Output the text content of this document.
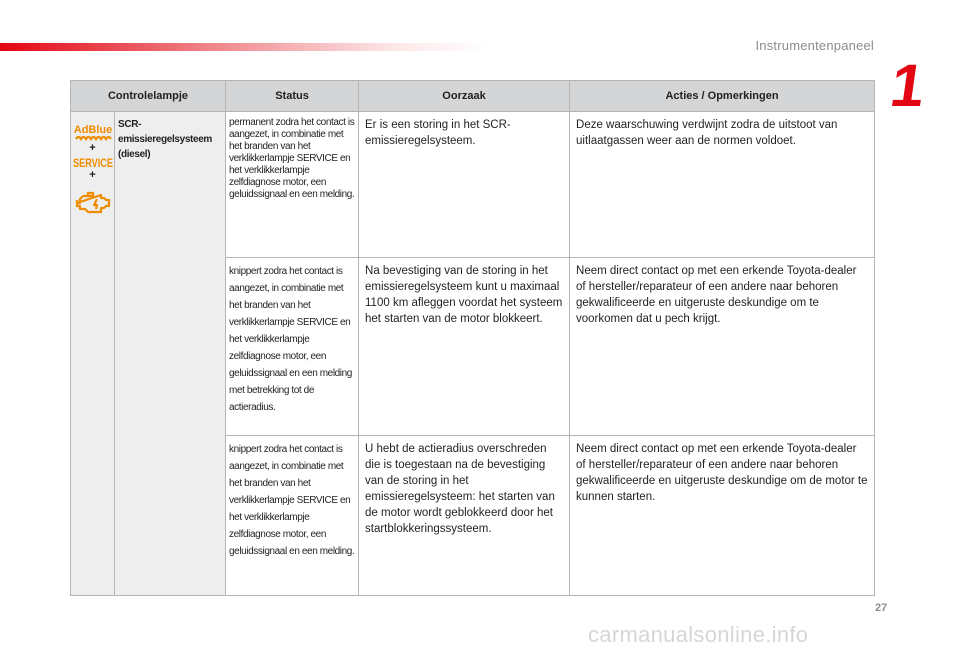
Instrumentenpaneel
1
Controlelampje		Status	Oorzaak	Acties / Opmerkingen

AdBlue
+
SERVICE
+	SCR-
emissieregelsysteem
(diesel)	permanent zodra het contact is aangezet, in combinatie met het branden van het verklikkerlampje SERVICE en het verklikkerlampje zelfdiagnose motor, een geluidssignaal en een melding.	Er is een storing in het SCR-emissieregelsysteem.	Deze waarschuwing verdwijnt zodra de uitstoot van uitlaatgassen weer aan de normen voldoet.

		knippert zodra het contact is aangezet, in combinatie met het branden van het verklikkerlampje SERVICE en het verklikkerlampje zelfdiagnose motor, een geluidssignaal en een melding met betrekking tot de actieradius.	Na bevestiging van de storing in het emissieregelsysteem kunt u maximaal 1100 km afleggen voordat het systeem het starten van de motor blokkeert.	Neem direct contact op met een erkende Toyota-dealer of hersteller/reparateur of een andere naar behoren gekwalificeerde en uitgeruste deskundige om te voorkomen dat u pech krijgt.

		knippert zodra het contact is aangezet, in combinatie met het branden van het verklikkerlampje SERVICE en het verklikkerlampje zelfdiagnose motor, een geluidssignaal en een melding.	U hebt de actieradius overschreden die is toegestaan na de bevestiging van de storing in het emissieregelsysteem: het starten van de motor wordt geblokkeerd door het startblokkeringssysteem.	Neem direct contact op met een erkende Toyota-dealer of hersteller/reparateur of een andere naar behoren gekwalificeerde en uitgeruste deskundige om de motor te kunnen starten.
27
carmanualsonline.info
